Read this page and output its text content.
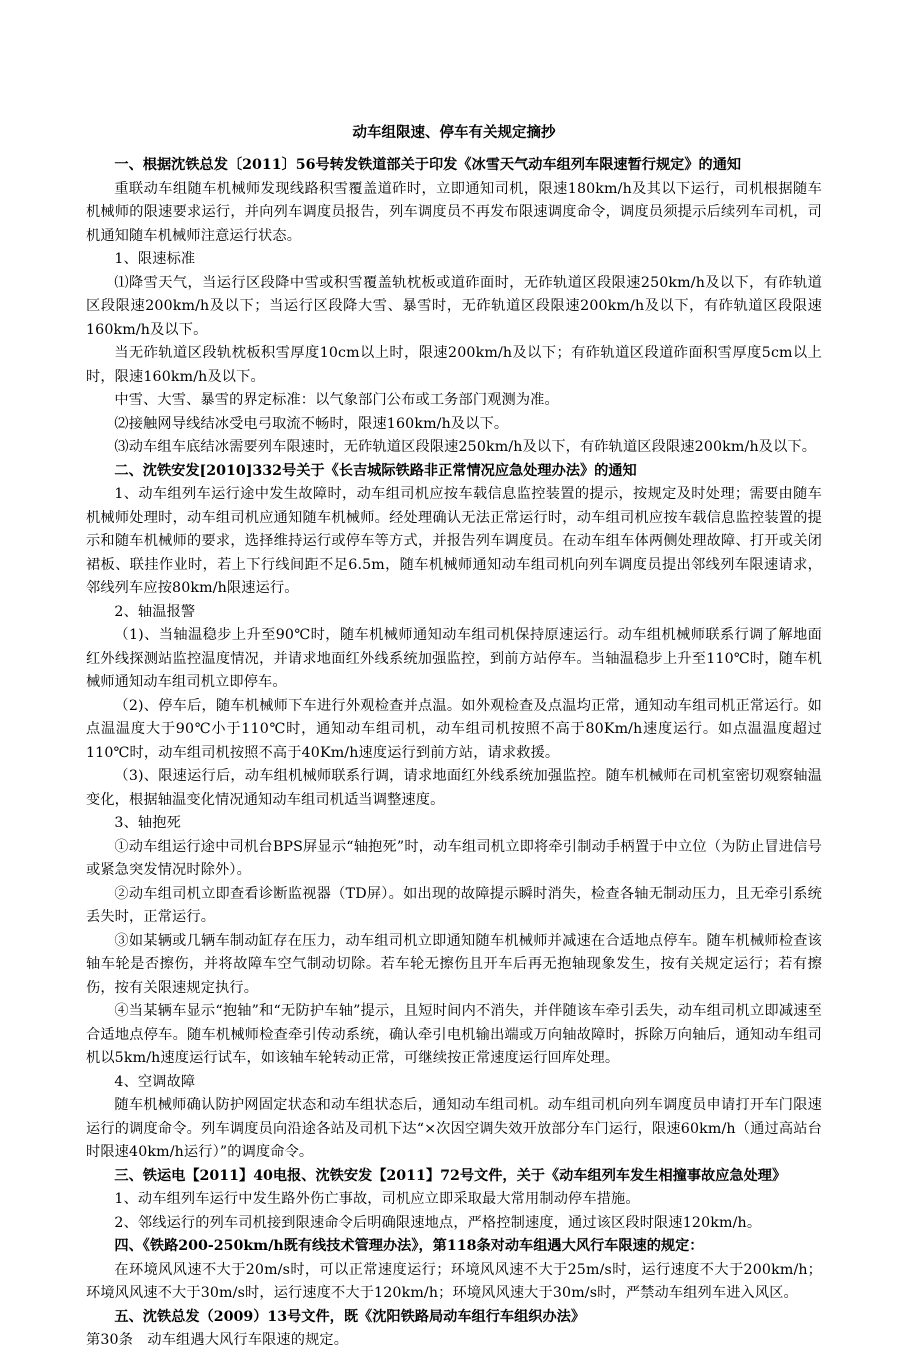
动车组限速、停车有关规定摘抄

一、根据沈铁总发〔2011〕56号转发铁道部关于印发《冰雪天气动车组列车限速暂行规定》的通知

重联动车组随车机械师发现线路积雪覆盖道砟时，立即通知司机，限速180km/h及其以下运行，司机根据随车机械师的限速要求运行，并向列车调度员报告，列车调度员不再发布限速调度命令，调度员须提示后续列车司机，司机通知随车机械师注意运行状态。

1、限速标准

⑴降雪天气，当运行区段降中雪或积雪覆盖轨枕板或道砟面时，无砟轨道区段限速250km/h及以下，有砟轨道区段限速200km/h及以下；当运行区段降大雪、暴雪时，无砟轨道区段限速200km/h及以下，有砟轨道区段限速160km/h及以下。

当无砟轨道区段轨枕板积雪厚度10cm以上时，限速200km/h及以下；有砟轨道区段道砟面积雪厚度5cm以上时，限速160km/h及以下。

中雪、大雪、暴雪的界定标准：以气象部门公布或工务部门观测为准。

⑵接触网导线结冰受电弓取流不畅时，限速160km/h及以下。

⑶动车组车底结冰需要列车限速时，无砟轨道区段限速250km/h及以下，有砟轨道区段限速200km/h及以下。

二、沈铁安发[2010]332号关于《长吉城际铁路非正常情况应急处理办法》的通知

1、动车组列车运行途中发生故障时，动车组司机应按车载信息监控装置的提示，按规定及时处理；需要由随车机械师处理时，动车组司机应通知随车机械师。经处理确认无法正常运行时，动车组司机应按车载信息监控装置的提示和随车机械师的要求，选择维持运行或停车等方式，并报告列车调度员。在动车组车体两侧处理故障、打开或关闭裙板、联挂作业时，若上下行线间距不足6.5m，随车机械师通知动车组司机向列车调度员提出邻线列车限速请求，邻线列车应按80km/h限速运行。

2、轴温报警

（1)、当轴温稳步上升至90℃时，随车机械师通知动车组司机保持原速运行。动车组机械师联系行调了解地面红外线探测站监控温度情况，并请求地面红外线系统加强监控，到前方站停车。当轴温稳步上升至110℃时，随车机械师通知动车组司机立即停车。

（2)、停车后，随车机械师下车进行外观检查并点温。如外观检查及点温均正常，通知动车组司机正常运行。如点温温度大于90℃小于110℃时，通知动车组司机，动车组司机按照不高于80Km/h速度运行。如点温温度超过110℃时，动车组司机按照不高于40Km/h速度运行到前方站，请求救援。

（3)、限速运行后，动车组机械师联系行调，请求地面红外线系统加强监控。随车机械师在司机室密切观察轴温变化，根据轴温变化情况通知动车组司机适当调整速度。

3、轴抱死

①动车组运行途中司机台BPS屏显示“轴抱死”时，动车组司机立即将牵引制动手柄置于中立位（为防止冒进信号或紧急突发情况时除外）。

②动车组司机立即查看诊断监视器（TD屏）。如出现的故障提示瞬时消失，检查各轴无制动压力，且无牵引系统丢失时，正常运行。

③如某辆或几辆车制动缸存在压力，动车组司机立即通知随车机械师并减速在合适地点停车。随车机械师检查该轴车轮是否擦伤，并将故障车空气制动切除。若车轮无擦伤且开车后再无抱轴现象发生，按有关规定运行；若有擦伤，按有关限速规定执行。

④当某辆车显示“抱轴”和“无防护车轴”提示，且短时间内不消失，并伴随该车牵引丢失，动车组司机立即减速至合适地点停车。随车机械师检查牵引传动系统，确认牵引电机输出端或万向轴故障时，拆除万向轴后，通知动车组司机以5km/h速度运行试车，如该轴车轮转动正常，可继续按正常速度运行回库处理。

4、空调故障

随车机械师确认防护网固定状态和动车组状态后，通知动车组司机。动车组司机向列车调度员申请打开车门限速运行的调度命令。列车调度员向沿途各站及司机下达“×次因空调失效开放部分车门运行，限速60km/h（通过高站台时限速40km/h运行）”的调度命令。

三、铁运电【2011】40电报、沈铁安发【2011】72号文件，关于《动车组列车发生相撞事故应急处理》

1、动车组列车运行中发生路外伤亡事故，司机应立即采取最大常用制动停车措施。

2、邻线运行的列车司机接到限速命令后明确限速地点，严格控制速度，通过该区段时限速120km/h。

四、《铁路200-250km/h既有线技术管理办法》，第118条对动车组遇大风行车限速的规定：

在环境风风速不大于20m/s时，可以正常速度运行；环境风风速不大于25m/s时，运行速度不大于200km/h；环境风风速不大于30m/s时，运行速度不大于120km/h；环境风风速大于30m/s时，严禁动车组列车进入风区。

五、沈铁总发（2009）13号文件，既《沈阳铁路局动车组行车组织办法》

第30条　动车组遇大风行车限速的规定。
